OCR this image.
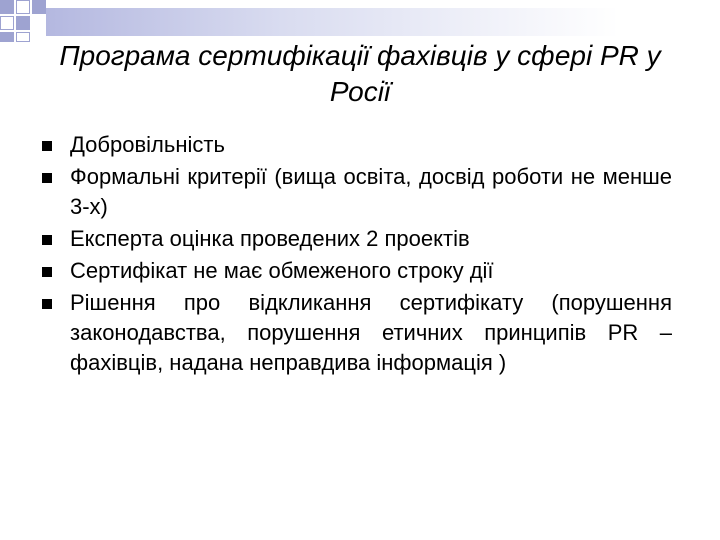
Програма сертифікації фахівців у сфері PR у Росії
Добровільність
Формальні критерії (вища освіта, досвід роботи не менше 3-х)
Експерта оцінка проведених 2 проектів
Сертифікат не має обмеженого строку дії
Рішення про відкликання сертифікату (порушення законодавства, порушення етичних принципів PR – фахівців, надана неправдива інформація )
